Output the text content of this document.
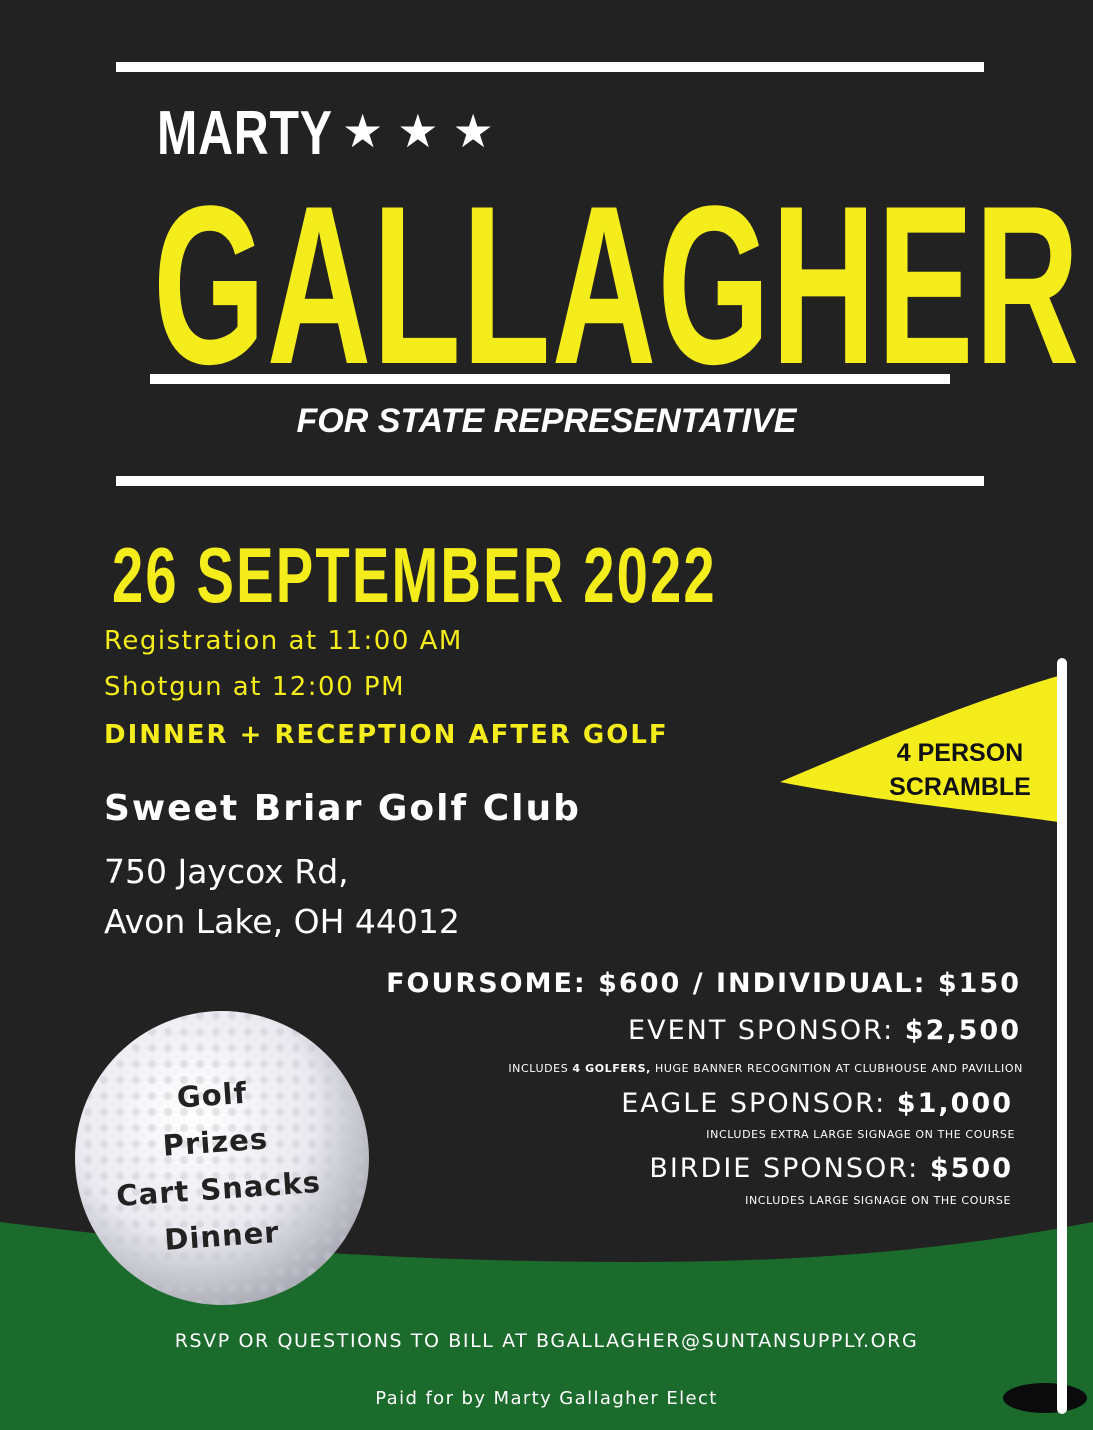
MARTY ★★★
GALLAGHER
FOR STATE REPRESENTATIVE
26 SEPTEMBER 2022
Registration at 11:00 AM
Shotgun at 12:00 PM
DINNER + RECEPTION AFTER GOLF
Sweet Briar Golf Club
750 Jaycox Rd,
Avon Lake, OH 44012
4 PERSON
SCRAMBLE
FOURSOME: $600 / INDIVIDUAL: $150
EVENT SPONSOR: $2,500
INCLUDES 4 GOLFERS, HUGE BANNER RECOGNITION AT CLUBHOUSE AND PAVILLION
EAGLE SPONSOR: $1,000
INCLUDES EXTRA LARGE SIGNAGE ON THE COURSE
BIRDIE SPONSOR: $500
INCLUDES LARGE SIGNAGE ON THE COURSE
Golf
Prizes
Cart Snacks
Dinner
RSVP OR QUESTIONS TO BILL AT BGALLAGHER@SUNTANSUPPLY.ORG
Paid for by Marty Gallagher Elect
